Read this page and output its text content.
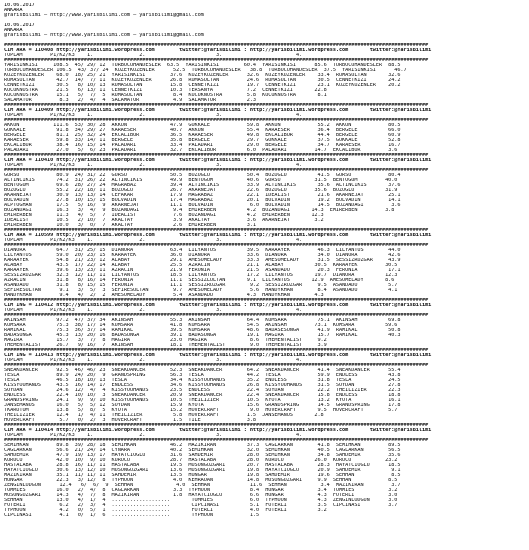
10.06.2017
ANKARA
@YarisBilimi — http://www.yarisbilimi.com — yarisbilimi@gmail.com
10.06.2017
ANKARA
@YarisBilimi — http://www.yarisbilimi.com — yarisbilimi@gmail.com
##########################################################################################################################################
CIM ARA = 110408 http://yarisbilimi.wordpress.com        twitter:@YarisBilimi : http://yarisbilimi.wordpress.com       twitter:@YarisBilimi
TOPLAM         P1/K2/K3    1.               2.                       3.                        4.
##########################################################################################################################################
YARISINKISI     108.5  45/ 29/ 12  TURBOCUHANDESLER  63.5  YARISINKISI        60.4  YARISINKISI      85.6  TURBOCUHANDESLER  88.5
TURBOCUHANDESLER 106.5  43/ 37/ 24  KUZEYKUZENLER      52.5  TURBOCUHANDESLER   38.8  TURBOCUHANDESLER  37.5  YARISINKISI      46.7
KUZEYKUZENLER    68.0  18/ 25/ 21  YARISINKISI        37.6  KUZEYKUZENLER      32.6  KUZEYKUZENLER    33.4  RUMASULTAN       32.6
RUMASULTAN       42.7  14/  7/ 11  KUZEYKUZENLER      26.8  RUMASULTAN         24.6  RUMASULTAN       30.5  CENNETKIZI       24.2
CENNETKIZI       30.5   8/ 10/ 13  RUMASULTAN         15.8  CENNETKIZI         19.7  CENNETKIZI       23.1  KUZEYKUZENLER    20.2
KUCUKNOSTRA      21.5   6/ 13/ 11  CENNETKIZI         10.3  TERSANYA           7.2  CENNETKIZI       22.8
KUCUKNOSTRA      15.1   5/  7/  5  RUMASULTAN          8.4  KUCUKNOSTRA        5.8  KUCUKNOSTRA       8.1
SALAMATOR         8.3   2/  4/  4  SALAMATOR           4.9  SALAMATOR          2.3
##########################################################################################################################################
CIM ARA = 110409 http://yarisbilimi.wordpress.com        twitter:@YarisBilimi : http://yarisbilimi.wordpress.com       twitter:@YarisBilimi
TOPLAM         P1/K2/K3    1.               2.                       3.                        4.
##########################################################################################################################################
AKKUN           111.6  53/ 30/ 28  AKKUN              47.9  GOKKALE            59.8  AKKUN            55.2  AKKUN            80.5
GOKKALE          91.8  34/ 29/ 27  KARAESER           40.7  AKKUN              55.4  KARAESER         36.4  BERGELE          66.0
BERGELE          81.1  25/ 32/ 24  EKCALIBUR          36.5  KARAESER           49.8  EKCALIBUR        44.4  BERGELE          60.9
KARAESER         59.8  33/ 14/ 11  BERGELE            35.8  BERGELE            29.7  GOKKALE          37.5  GOKKALE          52.8
EKCALIBUR        38.4  16/ 15/ 14  PALADARI           33.4  PALADARI           29.0  BERGELE          34.7  KARAESER         16.7
PALADARI         27.0   5/  6/ 23  PALADARI           32.7  EKCALIBUR          6.0  PALADARI         14.7  EKCALIBUR         3.6
##########################################################################################################################################
CIM ARA = 110410 http://yarisbilimi.wordpress.com        twitter:@YarisBilimi : http://yarisbilimi.wordpress.com       twitter:@YarisBilimi
TOPLAM         P1/K2/K3    1.               2.                       3.                        4.
##########################################################################################################################################
GURSU            80.9  24/ 31/ 22  GURSU              50.5  BOZOGLU            50.4  BOZOGLU          41.5  GURSU            80.4
ALTINCIKIS       74.2  31/ 26/ 22  ALTINCIKIS         49.9  BENTOGUM           40.6  GURSU           31.5  BENTOGUM         40.0
BENTOGUM         69.6  28/ 27/ 24  MAGRABAZ           39.4  ALTINCIKIS         33.9  ALTINCIKIS       35.6  ALTINCIKIS       37.6
BOZOGLU          55.2  22/ 18/ 11  BOZOGLU            26.7  AKARNEJAT          22.6  BOZOGLU         35.6  BOZOGLU          31.9
AKARNEJAT        30.9  13/ 13/ 14  CEFAKAR            17.9  MAGRABAZ           22.1  IDEALIST         21.6  AKARNEJAT        25.1
BOLVADIN         27.8  10/ 15/ 15  BOLVADIN           17.4  MAGRABAZ           20.1  BOLVADIN         19.2  BOLVADIN         14.1
ALPTOGHAN        17.5   5/ 16/  9  AKARNEJAT          11.1  BOLVADIN            6.0  BOLVADIN         14.5  BOZANDAGI         3.6
BOZANDAGI        16.3   3/  4/  9  BOZANDAGI           9.4  EMIRERBEN          4.2  BOZANDAGI       14.3  EMIRERBEN         3.8
EMIRERBEN        11.3   4/  5/  7  IDEALIST            7.6  BOZANDAGI          4.2  EMIRERBEN       12.3
IDEALIST         10.5   2/ 10/  7  AKALTAY             3.9  AKALTAY            3.6  AKARNEJAT        3.2
EMIRERBEN        10.0   3/  0/  7  AKALTAY             2.6  EMIRERBEN          3.1
##########################################################################################################################################
CIM ARA = 110599 http://yarisbilimi.wordpress.com        twitter:@YarisBilimi : http://yarisbilimi.wordpress.com       twitter:@YarisBilimi
TOPLAM         P1/K2/K3    1.               2.                       3.                        4.
##########################################################################################################################################
DIANORA          64.7  31/ 25/ 15  DIANORA            63.4  LILYANTUS          39.5  KARAAYEK         46.3  LILYANTUS        44.0
LILYANTUS        59.0  20/ 23/ 15  KARAAYEK           36.0  DIANORA            33.6  DIANORA          34.0  DIANORA          42.6
KARAAYEK         54.8  21/ 23/ 12  ALABAY             29.1  AMESOMELADY        33.3  AMESOMELADY      31.5  SESSIZRUZGAR     43.9
ALABAY           43.5  17/ 22/ 14  ALABAY             25.5  AZRACIN            21.1  ALABAY          30.5  KARAAYEK         30.5
KARAAYEK         39.6  13/ 23/ 11  AZRACIN            21.9  FERONIA            21.5  ASANDADU         20.3  FERONIA          17.1
SESSIZRUZGAR     32.3  12/ 11/ 11  LILYANTUS          18.5  LILYANTUS          17.2  LILYANTUS       19.7  DIANORA          12.3
AZRACIN          31.8   8/ 16/ 14  FERONIA            11.1  SESSIZLULTAN       9.1  LILYANTUS       12.9  AMESOMELADY       8.6
ASANDADU         31.8   8/ 15/ 15  FERONIA            11.1  SESSIZRUZGAR        9.2  SESSIZRUZGAR     9.5  ASANDADU          5.7
SEFIRESULTAN      9.1   3/  5/  3  SEFIRESULTAN        9.7  AMESOMELADY         5.6  HANDYKHAN        8.4  ASANDADU          4.1
HANDYKHAN         9.4   4/  2/  2  AMESOMELADY         5.4  ASANDADU           4.3  HANDYKHAN        4.3
##########################################################################################################################################
CIM ING = 110412 http://yarisbilimi.wordpress.com        twitter:@YarisBilimi : http://yarisbilimi.wordpress.com       twitter:@YarisBilimi
TOPLAM         P1/K2/K3    1.               2.                       3.                        4.
##########################################################################################################################################
AKINSAH          97.2  47/ 37/ 34  AKINSAH            55.3  AKINSAH            64.4  KUMSARA          75.1  AKINSAH          69.8
KUMSARA          75.3  38/ 17/ 14  KUMSARA            41.8  KUMSARA            54.5  AKINSAH         73.1  KUMSARA          59.6
RAMIKAL          75.3  36/ 37/ 14  RAMIKAL            39.5  KUMSARA            48.6  BADASESUNGA      41.9  RAMIKAL          50.8
BADASUNGA        45.3  13/ 20/ 16  BADASUNGA          39.1  BADASUNGA          19.1  MAGIRA           15.7  RAMIKAL          40.3
MAGIRA           15.7   3/  7/  8  MAGIRA             23.0  MAGIRA              8.6  THEMENTALIST     9.2
THEMENTALIST     26.7   9/ 16/  7  AKINSAH            18.1  THEMENTALIST        9.0  THEMENTALIST     3.9
##########################################################################################################################################
CIM ING = 110413 http://yarisbilimi.wordpress.com        twitter:@YarisBilimi : http://yarisbilimi.wordpress.com       twitter:@YarisBilimi
TOPLAM         P1/K2/K3    1.               2.                       3.                        4.
##########################################################################################################################################
SNEAKDANCER      92.5  46/ 46/ 23  SNEAKDANCER        52.3  SNEAKDANCER        64.2  SNEAKDANCER      41.4  SNEAKDANCER      55.4
TESLA            89.9  24/ 20/  9  GRANDSPRING        56.3  TESLA              44.2  TESLA            59.9  ENDLESS          43.8
TESLA            46.5  18/ 10/ 13  TESLA              34.4  KISSYOUHANDS       35.2  ENDLESS          31.8  TESLA            24.5
KISSYOUHANDS     43.5  16/ 14/ 17  ENDLESS            34.6  KISSYOUHANDS       26.8  KISSYOUHANDS     31.5  SOYDAN           27.8
SOYDAN           24.6  12/  4/  4  KISSYOUHANDS       23.5  ENDLESS            22.4  SOYDAN           22.2  THEILIZIER       22.3
ENDLESS          22.4  10/ 10/  3  SNEAKDANCER        20.9  SNEAKDANCER        22.4  SNEAKDANCER      15.8  ENDLESS          18.8
GRANDSPRING      24.1   9/  9/ 10  KISSYOUHANDS       10.5  THEILIZIER         10.5  KYOTA            13.2  KYOTA            16.1
JANSEMANUS       16.0   5/  5/ 12  SOYDAN             15.9  KYOTA              15.6  GRANDSPRING      14.5  GRANDSPRING      17.8
TKAROTOM         13.8   5/  8/  5  KYOTA              15.2  HOVERCRAFT          9.0  HOVERCRAFT       9.5  HOVERCRAFT        5.7
THEILIZIER       12.4   1/  4/ 11  THEILIZIER          5.8  HOVERCRAFT         1.5  JANSEMANUS       2.8
HOVERCRAFT        5.7   0/  2/  3  HOVERCRAFT          1.5  TILE               3.8
##########################################################################################################################################
CIM ARA = 110414 http://yarisbilimi.wordpress.com        twitter:@YarisBilimi : http://yarisbilimi.wordpress.com       twitter:@YarisBilimi
TOPLAM         P1/K2/K3    1.               2.                       3.                        4.
##########################################################################################################################################
SEMIHKAN         89.8  39/ 28/ 18  SEMIHKAN           46.2  MAZIKIRAN          37.3  CAGLARKAN        41.8  SEMIHKAN         89.5
CAGLARKAN        56.6  21/ 24/ 14  CYNARA             40.2  SEMIHKAN           32.0  SEMIHKAN         40.5  CAGLARKAN        56.5
SAHDEMIR         47.9  19/ 13/ 17  HAYATCIOGLU        31.6  SAHDEMIR           28.0  SEMIHKAN         34.8  SAHDEMIR         35.6
KURUCU           42.0  10/  9/ 10  KURUCU             28.7  HASTALABA          28.0  KURUCU          26.0  KURUCU           23.2
HASTALABA        28.8  16/ 11/ 11  HASTALABA          19.5  MUSONGUZGARI       20.7  HASTALABA        28.3  HAYATCIOGLU      18.5
HAYATCIOGLU      30.6  13/ 12/ 10  MUSONGUZGARI       13.6  MUSONGUZGARI       19.8  HAYATCIOGLU      20.9  SAHDEMIR          9.1
MAZIKIRAN        35.1  11/ 11/ 11  SAHDEMIR           13.5  HUNGAR             19.8  SAHDEMIR         19.6  SEHHAN            8.5
HUNGAR           22.3   3/ 12/  8  TYPHOON             4.0  KEHRAUAN           14.8  MUSONGUZGARI     9.9  SEHHAN            8.5
ZENGINLODGUN      12.4   6/  6/  9  SEHHAN              4.0  SEHHAN             11.6  SEHHAN           3.4  MAZIKIRAN         3.7
TOMMIES          16.0   2/  4/  8  CAGLARKAN           3.3  TYPHOON             8.4  HUNGAR           3.4  TOMMIES           3.2
MUSONGUZGARI     14.3   4/  7/  8  MAZIKIRAN           1.8  HAYATCIOGLU         6.6  HUNGAR           4.3  FOTERLI           3.0
SEHHAN           13.0   4/  1/  4  ...................       TOMMIES            6.0  TYPHOON          4.3  ZENGINLODGUN      3.0
FOTERLI           6.2   2/  3/  4  ...................       CIPCINASI          5.1  FOTERLI          3.5  CIPCINASI         3.7
TYPHOON           4.2   0/  5/  1  ...................       FOTERLI            4.0  FOTERLI          3.2
CIPCINASI         4.1   0/  1/  6  ...................       TYPHOON            1.5
